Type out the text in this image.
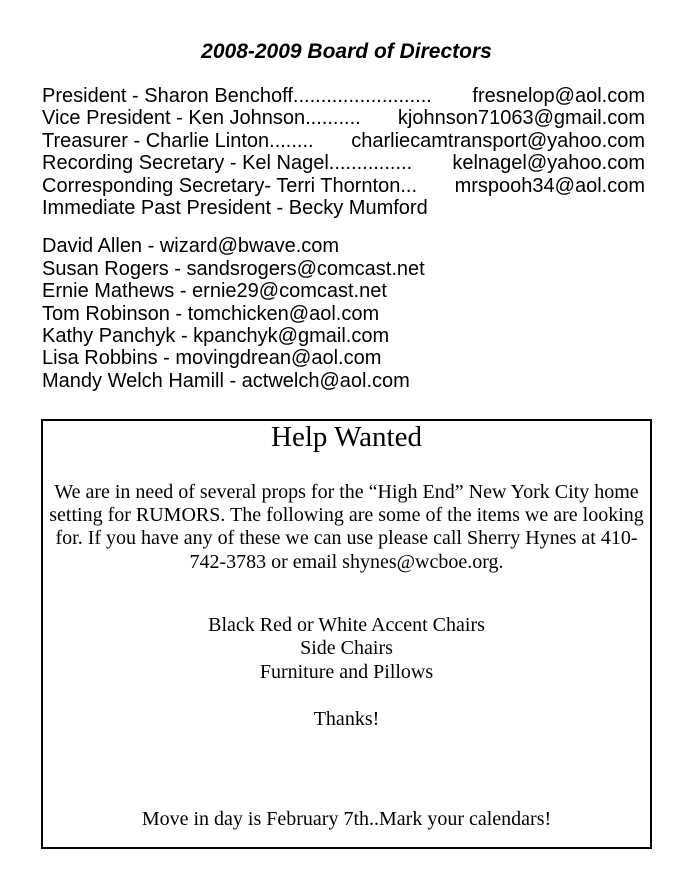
2008-2009 Board of Directors
President - Sharon Benchoff......................... fresnelop@aol.com
Vice President - Ken Johnson.......... kjohnson71063@gmail.com
Treasurer - Charlie Linton........ charliecamtransport@yahoo.com
Recording Secretary - Kel Nagel............... kelnagel@yahoo.com
Corresponding Secretary- Terri Thornton... mrspooh34@aol.com
Immediate Past President - Becky Mumford
David Allen - wizard@bwave.com
Susan Rogers - sandsrogers@comcast.net
Ernie Mathews - ernie29@comcast.net
Tom Robinson - tomchicken@aol.com
Kathy Panchyk - kpanchyk@gmail.com
Lisa Robbins - movingdrean@aol.com
Mandy Welch Hamill - actwelch@aol.com
Help Wanted
We are in need of several props for the “High End” New York City home setting for RUMORS. The following are some of the items we are looking for. If you have any of these we can use please call Sherry Hynes at 410-742-3783 or email shynes@wcboe.org.
Black Red or White Accent Chairs
Side Chairs
Furniture and Pillows
Thanks!
Move in day is February 7th..Mark your calendars!
